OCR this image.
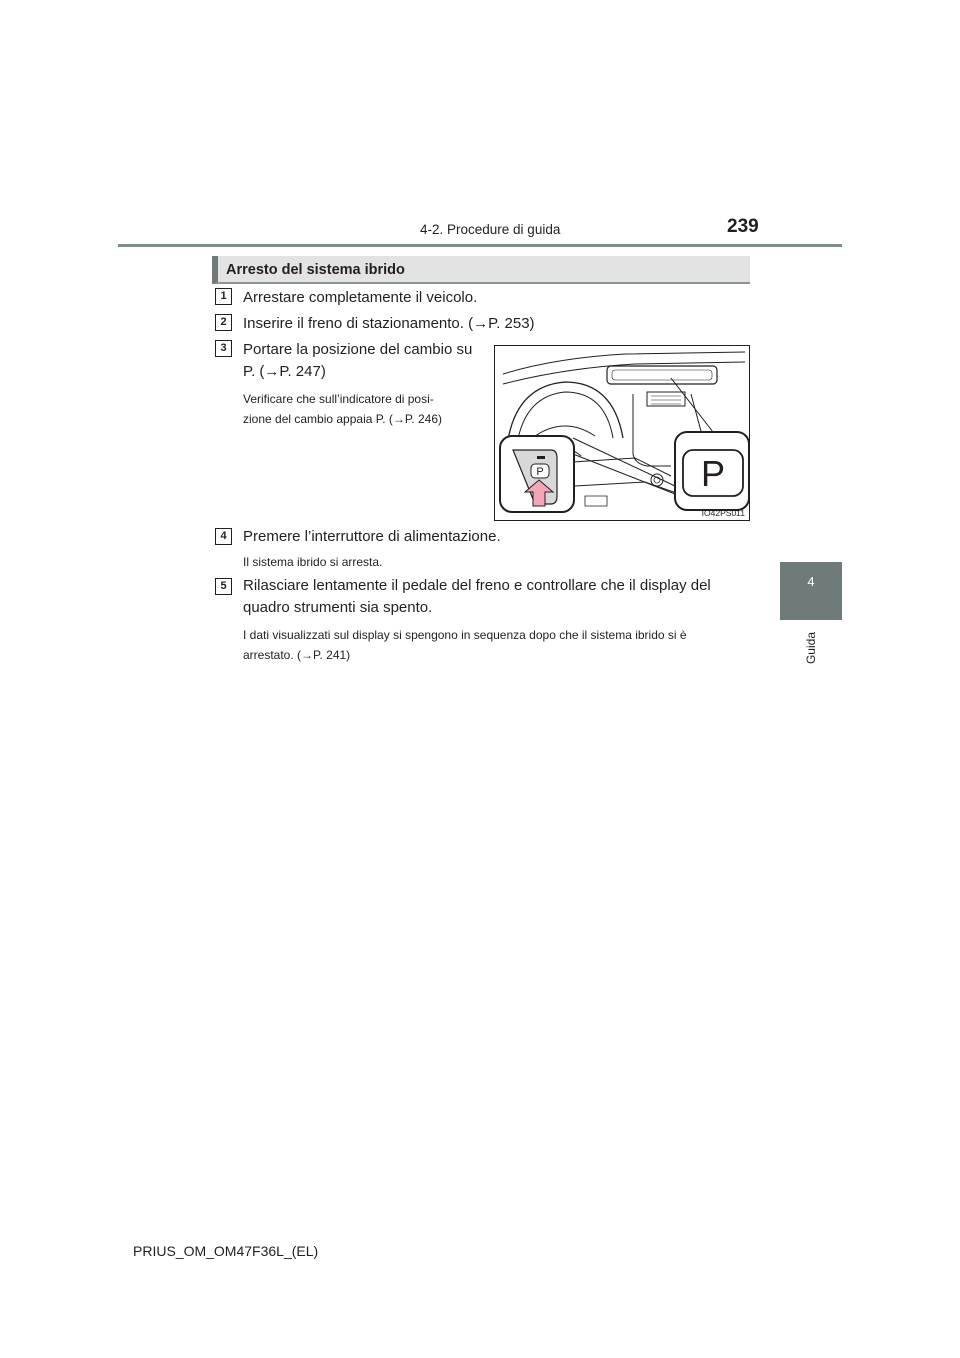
4-2. Procedure di guida	239
4
Guida
Arresto del sistema ibrido
1	Arrestare completamente il veicolo.
2	Inserire il freno di stazionamento. (→P. 253)
3	Portare la posizione del cambio su
P. (→P. 247)
Verificare che sull’indicatore di posi-
zione del cambio appaia P. (→P. 246)
P
P
IO42PS011
4	Premere l’interruttore di alimentazione.
Il sistema ibrido si arresta.
5	Rilasciare lentamente il pedale del freno e controllare che il display del
quadro strumenti sia spento.
I dati visualizzati sul display si spengono in sequenza dopo che il sistema ibrido si è
arrestato. (→P. 241)
PRIUS_OM_OM47F36L_(EL)
